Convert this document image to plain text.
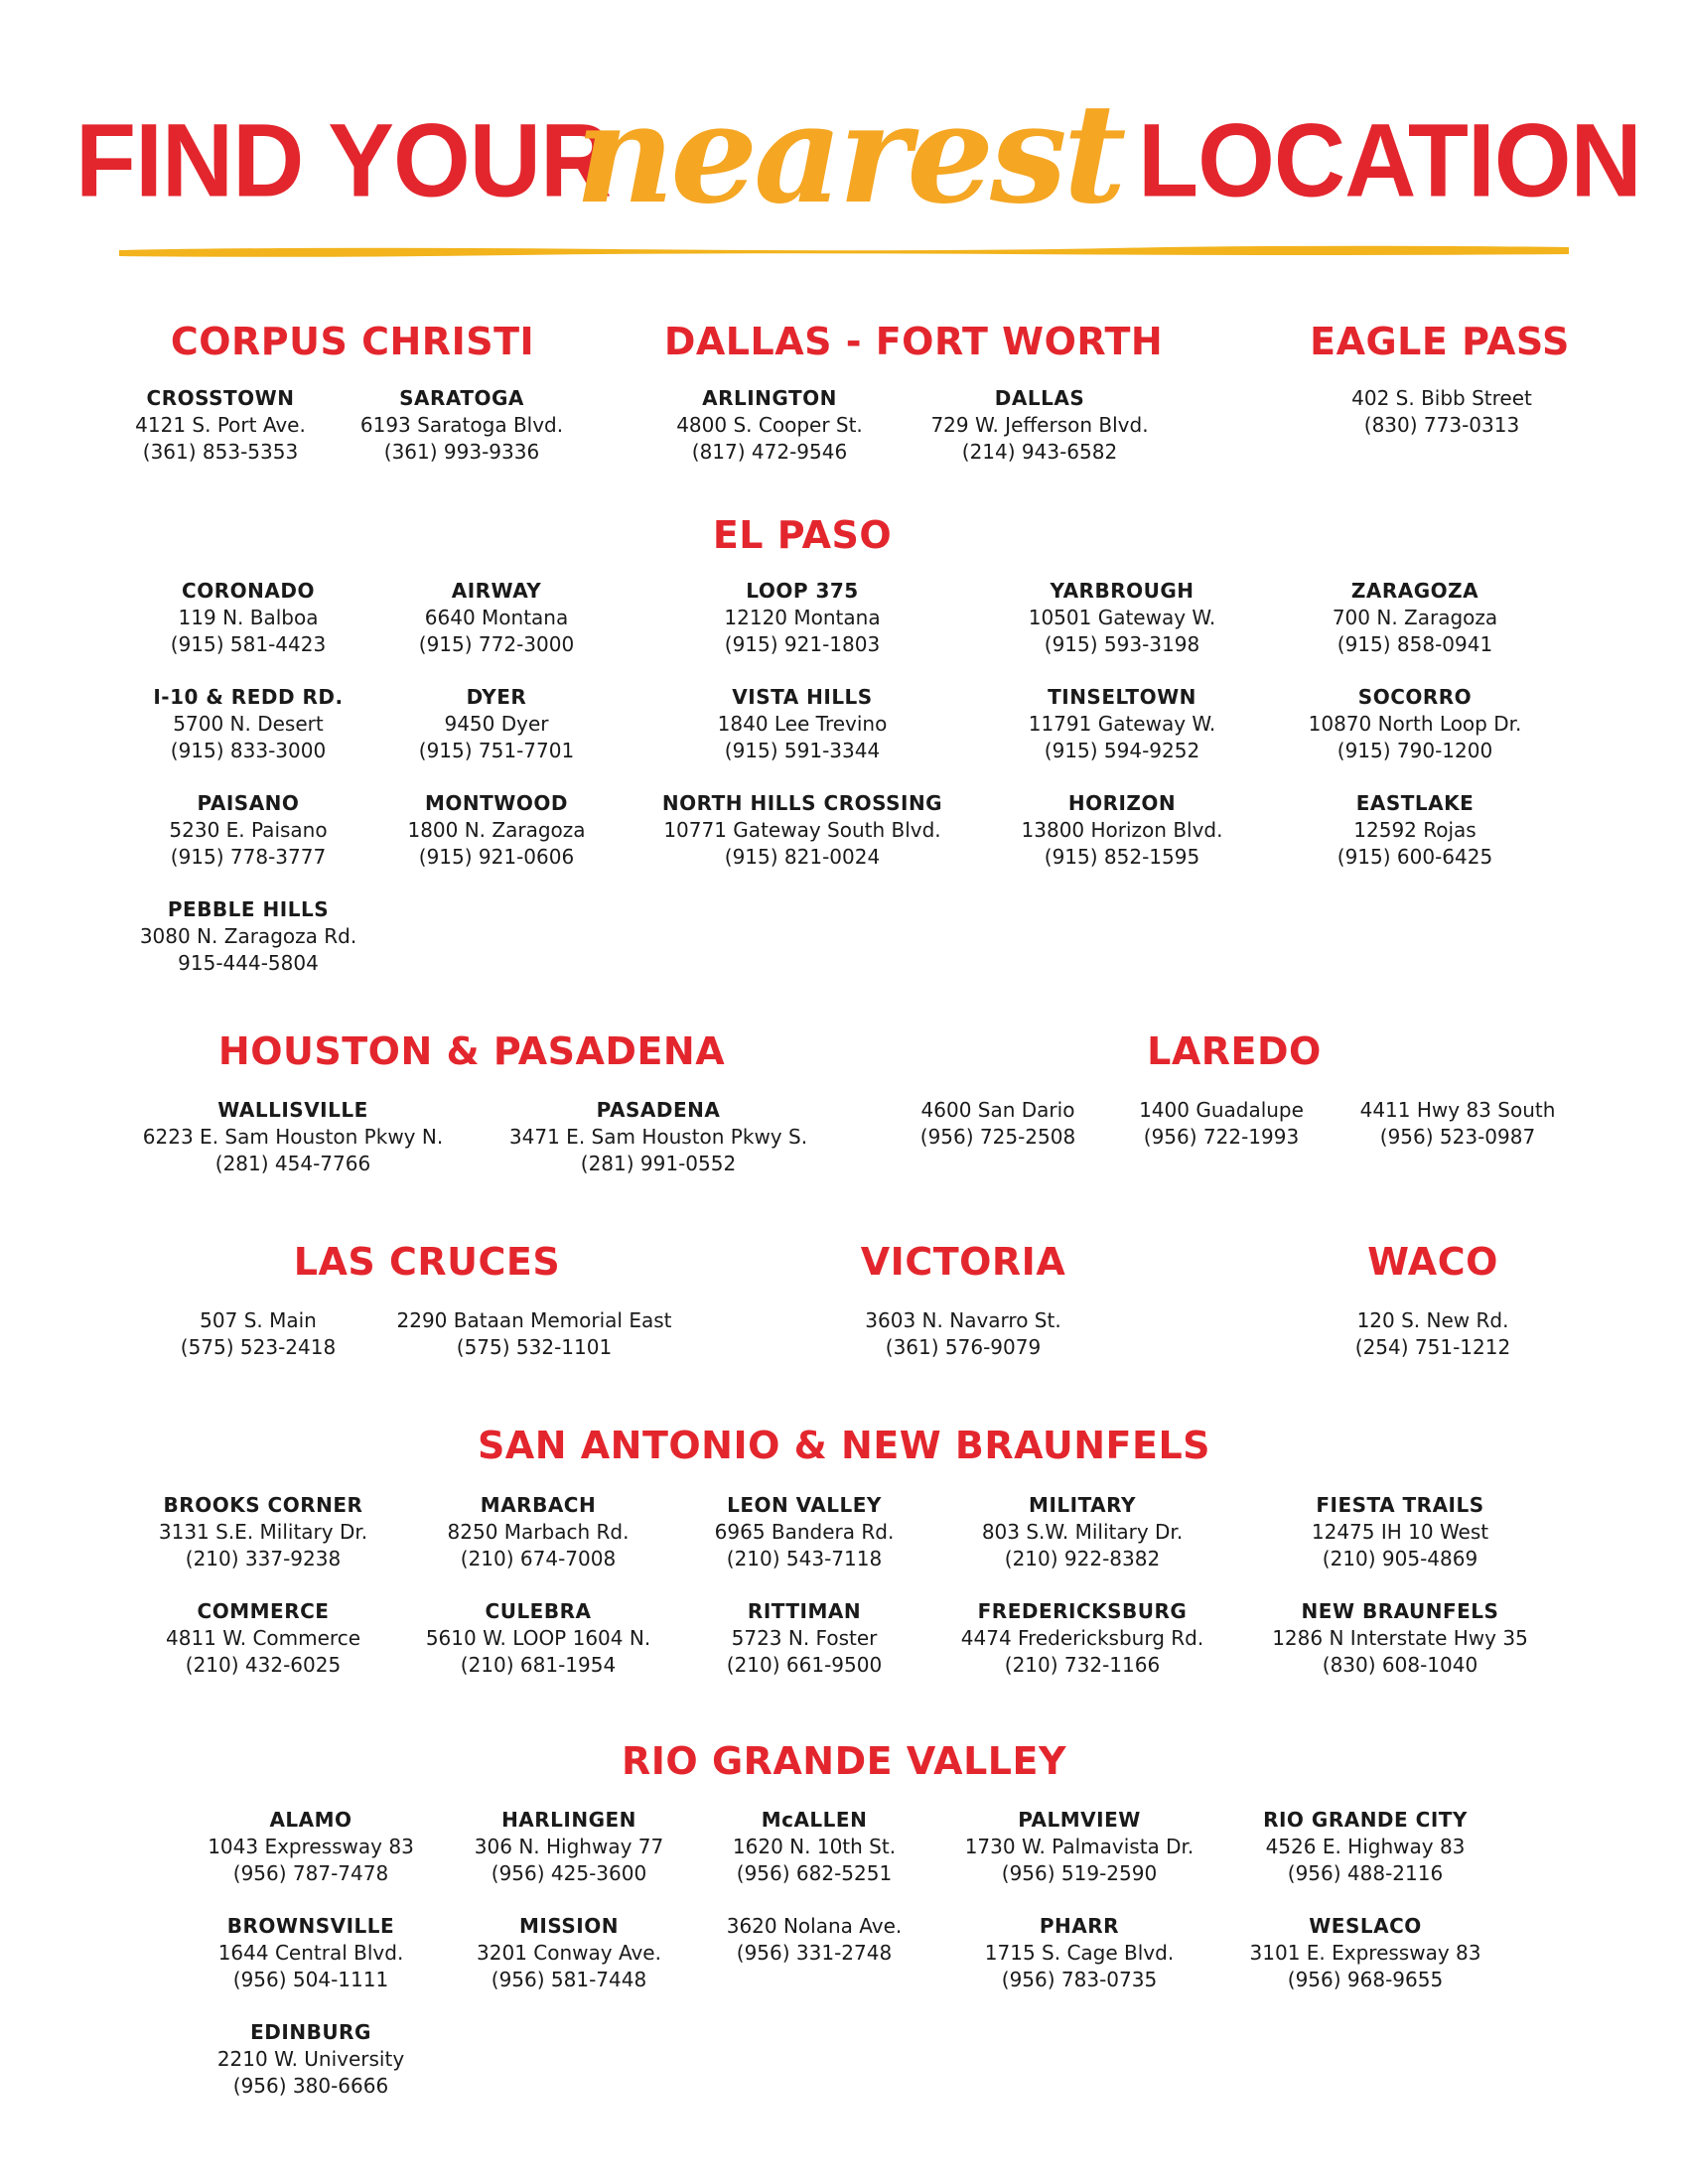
FIND YOUR
nearest LOCATION
CORPUS CHRISTI
CROSSTOWN
4121 S. Port Ave.
(361) 853-5353
SARATOGA
6193 Saratoga Blvd.
(361) 993-9336
DALLAS - FORT WORTH
ARLINGTON
4800 S. Cooper St.
(817) 472-9546
DALLAS
729 W. Jefferson Blvd.
(214) 943-6582
EAGLE PASS
402 S. Bibb Street
(830) 773-0313
EL PASO
CORONADO
119 N. Balboa
(915) 581-4423
AIRWAY
6640 Montana
(915) 772-3000
LOOP 375
12120 Montana
(915) 921-1803
YARBROUGH
10501 Gateway W.
(915) 593-3198
ZARAGOZA
700 N. Zaragoza
(915) 858-0941
I-10 & REDD RD.
5700 N. Desert
(915) 833-3000
DYER
9450 Dyer
(915) 751-7701
VISTA HILLS
1840 Lee Trevino
(915) 591-3344
TINSELTOWN
11791 Gateway W.
(915) 594-9252
SOCORRO
10870 North Loop Dr.
(915) 790-1200
PAISANO
5230 E. Paisano
(915) 778-3777
MONTWOOD
1800 N. Zaragoza
(915) 921-0606
NORTH HILLS CROSSING
10771 Gateway South Blvd.
(915) 821-0024
HORIZON
13800 Horizon Blvd.
(915) 852-1595
EASTLAKE
12592 Rojas
(915) 600-6425
PEBBLE HILLS
3080 N. Zaragoza Rd.
915-444-5804
HOUSTON & PASADENA
WALLISVILLE
6223 E. Sam Houston Pkwy N.
(281) 454-7766
PASADENA
3471 E. Sam Houston Pkwy S.
(281) 991-0552
LAREDO
4600 San Dario
(956) 725-2508
1400 Guadalupe
(956) 722-1993
4411 Hwy 83 South
(956) 523-0987
LAS CRUCES
507 S. Main
(575) 523-2418
2290 Bataan Memorial East
(575) 532-1101
VICTORIA
3603 N. Navarro St.
(361) 576-9079
WACO
120 S. New Rd.
(254) 751-1212
SAN ANTONIO & NEW BRAUNFELS
BROOKS CORNER
3131 S.E. Military Dr.
(210) 337-9238
MARBACH
8250 Marbach Rd.
(210) 674-7008
LEON VALLEY
6965 Bandera Rd.
(210) 543-7118
MILITARY
803 S.W. Military Dr.
(210) 922-8382
FIESTA TRAILS
12475 IH 10 West
(210) 905-4869
COMMERCE
4811 W. Commerce
(210) 432-6025
CULEBRA
5610 W. LOOP 1604 N.
(210) 681-1954
RITTIMAN
5723 N. Foster
(210) 661-9500
FREDERICKSBURG
4474 Fredericksburg Rd.
(210) 732-1166
NEW BRAUNFELS
1286 N Interstate Hwy 35
(830) 608-1040
RIO GRANDE VALLEY
ALAMO
1043 Expressway 83
(956) 787-7478
HARLINGEN
306 N. Highway 77
(956) 425-3600
McALLEN
1620 N. 10th St.
(956) 682-5251
PALMVIEW
1730 W. Palmavista Dr.
(956) 519-2590
RIO GRANDE CITY
4526 E. Highway 83
(956) 488-2116
BROWNSVILLE
1644 Central Blvd.
(956) 504-1111
MISSION
3201 Conway Ave.
(956) 581-7448
3620 Nolana Ave.
(956) 331-2748
PHARR
1715 S. Cage Blvd.
(956) 783-0735
WESLACO
3101 E. Expressway 83
(956) 968-9655
EDINBURG
2210 W. University
(956) 380-6666
